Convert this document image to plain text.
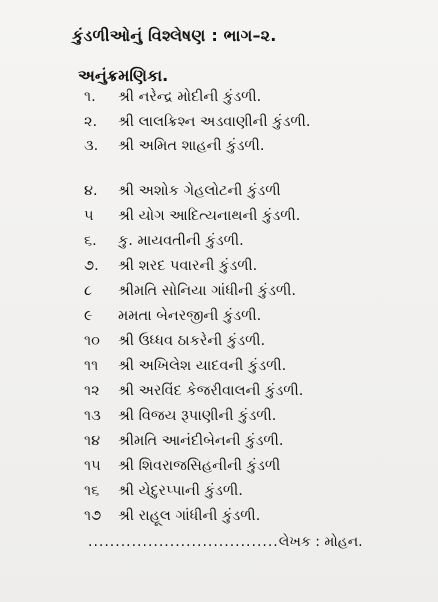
કુંડળીઓનું વિશ્લેષણ : ભાગ–૨.
અનુંક્રમણિકા.
૧.	શ્રી નરેન્દ્ર મોદીની કુંડળી.
૨.	શ્રી લાલક્રિશ્ન અડવાણીની કુંડળી.
૩.	શ્રી અમિત શાહની કુંડળી.
૪.	શ્રી અશોક ગેહલોટની કુંડળી
૫	શ્રી યોગ આદિત્યનાથની કુંડળી.
૬.	કુ. માયવતીની કુંડળી.
૭.	શ્રી શરદ પવારની કુંડળી.
૮	શ્રીમતિ સોનિયા ગાંધીની કુંડળી.
૯	મમતા બેનરજીની કુંડળી.
૧૦	શ્રી ઉધ્ધવ ઠાકરેની કુંડળી.
૧૧	શ્રી અખિલેશ યાદવની કુંડળી.
૧૨	શ્રી અરવિંદ કેજરીવાલની કુંડળી.
૧૩	શ્રી વિજય રૂપાણીની કુંડળી.
૧૪	શ્રીમતિ આનંદીબેનની કુંડળી.
૧૫	શ્રી શિવરાજસિહનીની કુંડળી
૧૬	શ્રી યેદુરપ્પાની કુંડળી.
૧૭	શ્રી રાહૂલ ગાંધીની કુંડળી.
...................................લેખક : મોહન.
